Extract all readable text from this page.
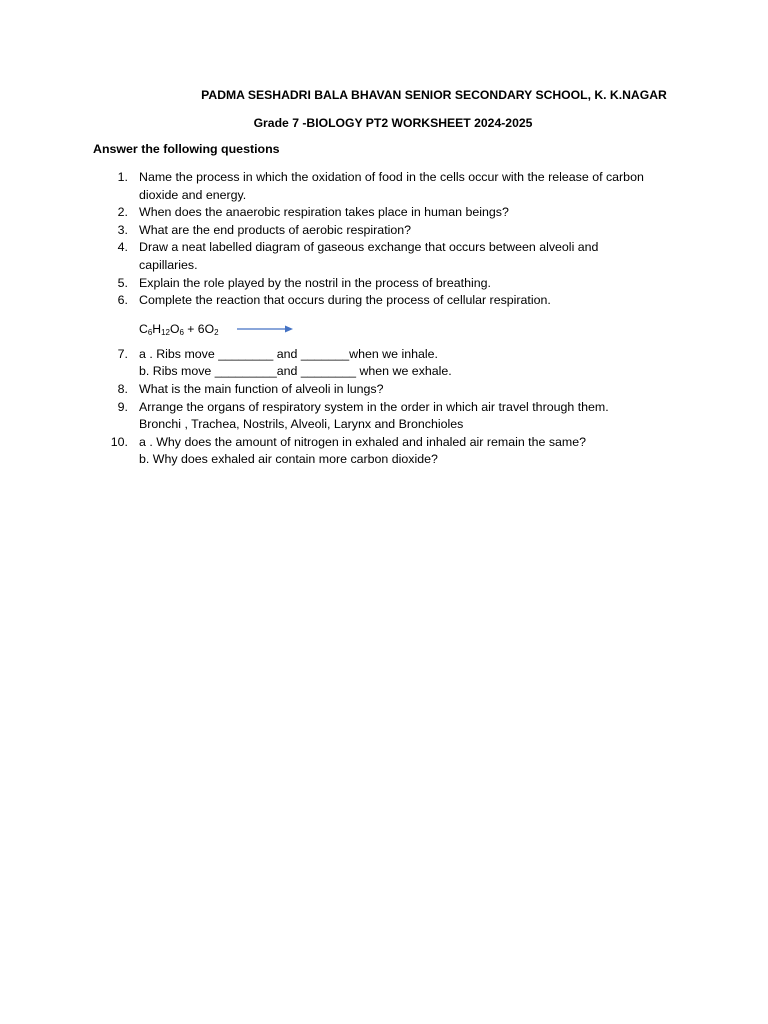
PADMA SESHADRI BALA BHAVAN SENIOR SECONDARY SCHOOL, K. K.NAGAR
Grade 7 -BIOLOGY PT2 WORKSHEET 2024-2025
Answer the following questions
1. Name the process in which the oxidation of food in the cells occur with the release of carbon
dioxide and energy.
2. When does the anaerobic respiration takes place in human beings?
3. What are the end products of aerobic respiration?
4. Draw a neat labelled diagram of gaseous exchange that occurs between alveoli and
capillaries.
5. Explain the role played by the nostril in the process of breathing.
6. Complete the reaction that occurs during the process of cellular respiration.
$C_6H_{12}O_6 + 6O_2$
7. a . Ribs move ________ and _______when we inhale.
b. Ribs move _________and ________ when we exhale.
8. What is the main function of alveoli in lungs?
9. Arrange the organs of respiratory system in the order in which air travel through them.
Bronchi , Trachea, Nostrils, Alveoli, Larynx and Bronchioles
10. a . Why does the amount of nitrogen in exhaled and inhaled air remain the same?
b. Why does exhaled air contain more carbon dioxide?
